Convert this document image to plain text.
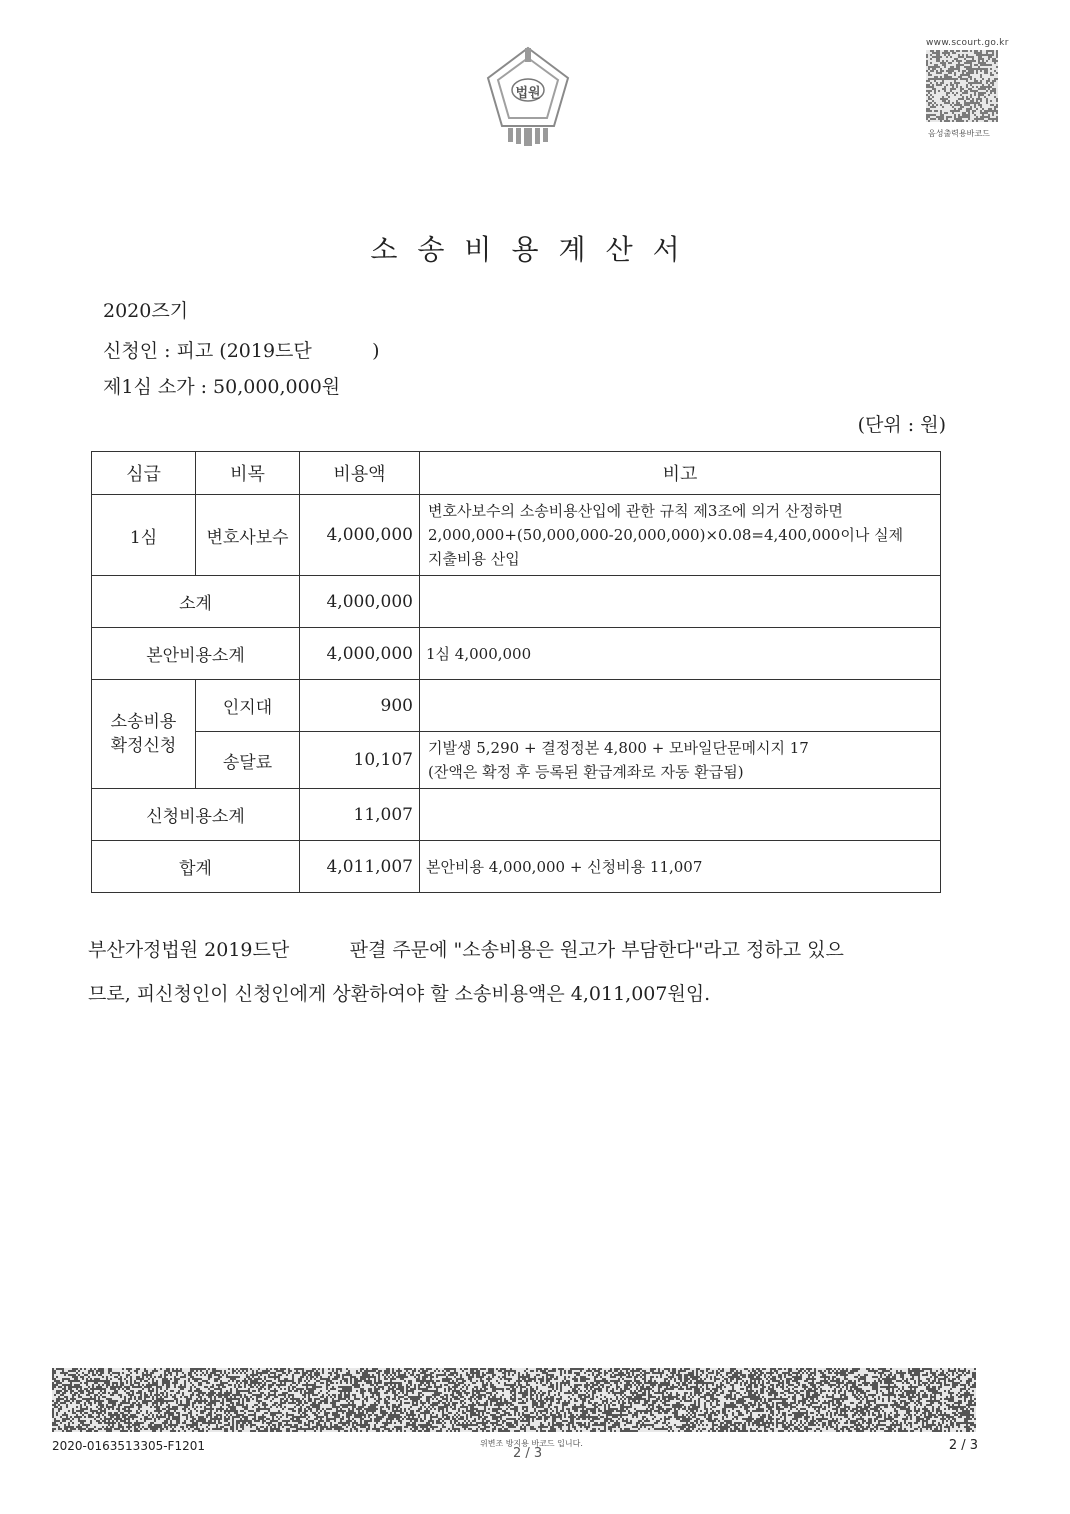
법원
www.scourt.go.kr
음성출력용바코드
소송비용계산서
2020즈기
신청인 : 피고 (2019드단          )
제1심 소가 : 50,000,000원
(단위 : 원)
심급	비목	비용액	비고
1심	변호사보수	4,000,000	변호사보수의 소송비용산입에 관한 규칙 제3조에 의거 산정하면
2,000,000+(50,000,000-20,000,000)×0.08=4,400,000이나 실제
지출비용 산입

소계		4,000,000	
본안비용소계		4,000,000	1심 4,000,000
소송비용
확정신청	인지대	900	
	송달료	10,107	기발생 5,290 + 결정정본 4,800 + 모바일단문메시지 17
(잔액은 확정 후 등록된 환급계좌로 자동 환급됨)

신청비용소계		11,007	
합계		4,011,007	본안비용 4,000,000 + 신청비용 11,007
부산가정법원 2019드단          판결 주문에 "소송비용은 원고가 부담한다"라고 정하고 있으
므로, 피신청인이 신청인에게 상환하여야 할 소송비용액은 4,011,007원임.
2020-0163513305-F1201	위변조 방지용 바코드 입니다.
2 / 3
2 / 3
